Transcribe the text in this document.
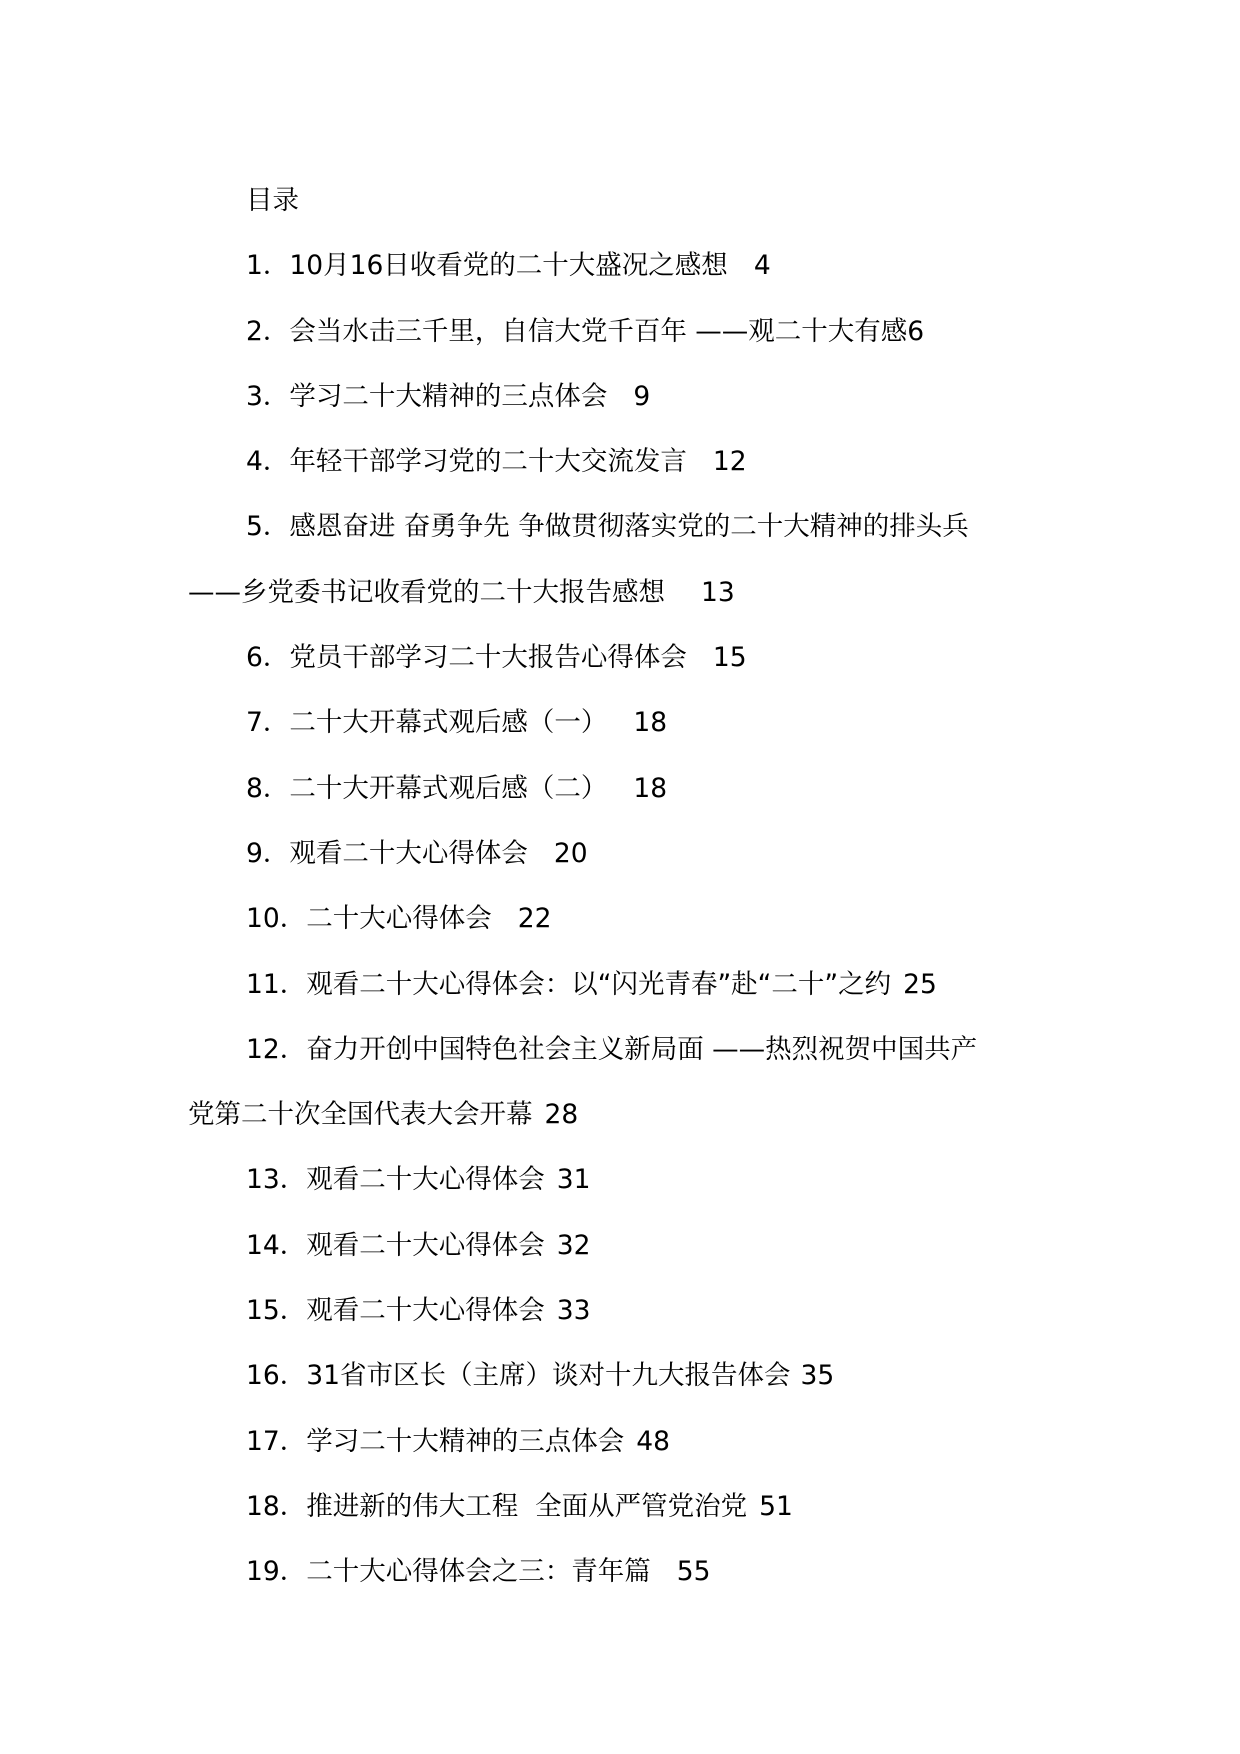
目录
1．10月16日收看党的二十大盛况之感想 4
2．会当水击三千里，自信大党千百年 ——观二十大有感6
3．学习二十大精神的三点体会 9
4．年轻干部学习党的二十大交流发言 12
5．感恩奋进 奋勇争先 争做贯彻落实党的二十大精神的排头兵
——乡党委书记收看党的二十大报告感想 13
6．党员干部学习二十大报告心得体会 15
7．二十大开幕式观后感（一） 18
8．二十大开幕式观后感（二） 18
9．观看二十大心得体会 20
10．二十大心得体会 22
11．观看二十大心得体会：以“闪光青春”赴“二十”之约 25
12．奋力开创中国特色社会主义新局面 ——热烈祝贺中国共产
党第二十次全国代表大会开幕 28
13．观看二十大心得体会 31
14．观看二十大心得体会 32
15．观看二十大心得体会 33
16．31省市区长（主席）谈对十九大报告体会 35
17．学习二十大精神的三点体会 48
18．推进新的伟大工程  全面从严管党治党 51
19．二十大心得体会之三：青年篇 55
